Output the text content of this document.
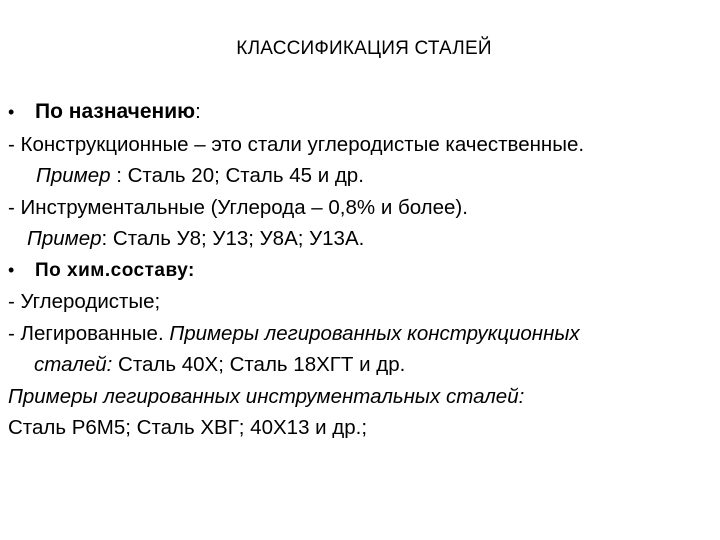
КЛАССИФИКАЦИЯ СТАЛЕЙ
• По назначению :
- Конструкционные – это стали углеродистые качественные.
Пример : Сталь 20; Сталь 45 и др.
- Инструментальные (Углерода – 0,8% и более).
Пример: Сталь У8; У13; У8А; У13А.
•	По хим.составу:
- Углеродистые;
- Легированные. Примеры легированных конструкционных
сталей: Сталь 40Х; Сталь 18ХГТ и др.
Примеры легированных инструментальных сталей:
Сталь Р6М5; Сталь ХВГ; 40Х13 и др.;
